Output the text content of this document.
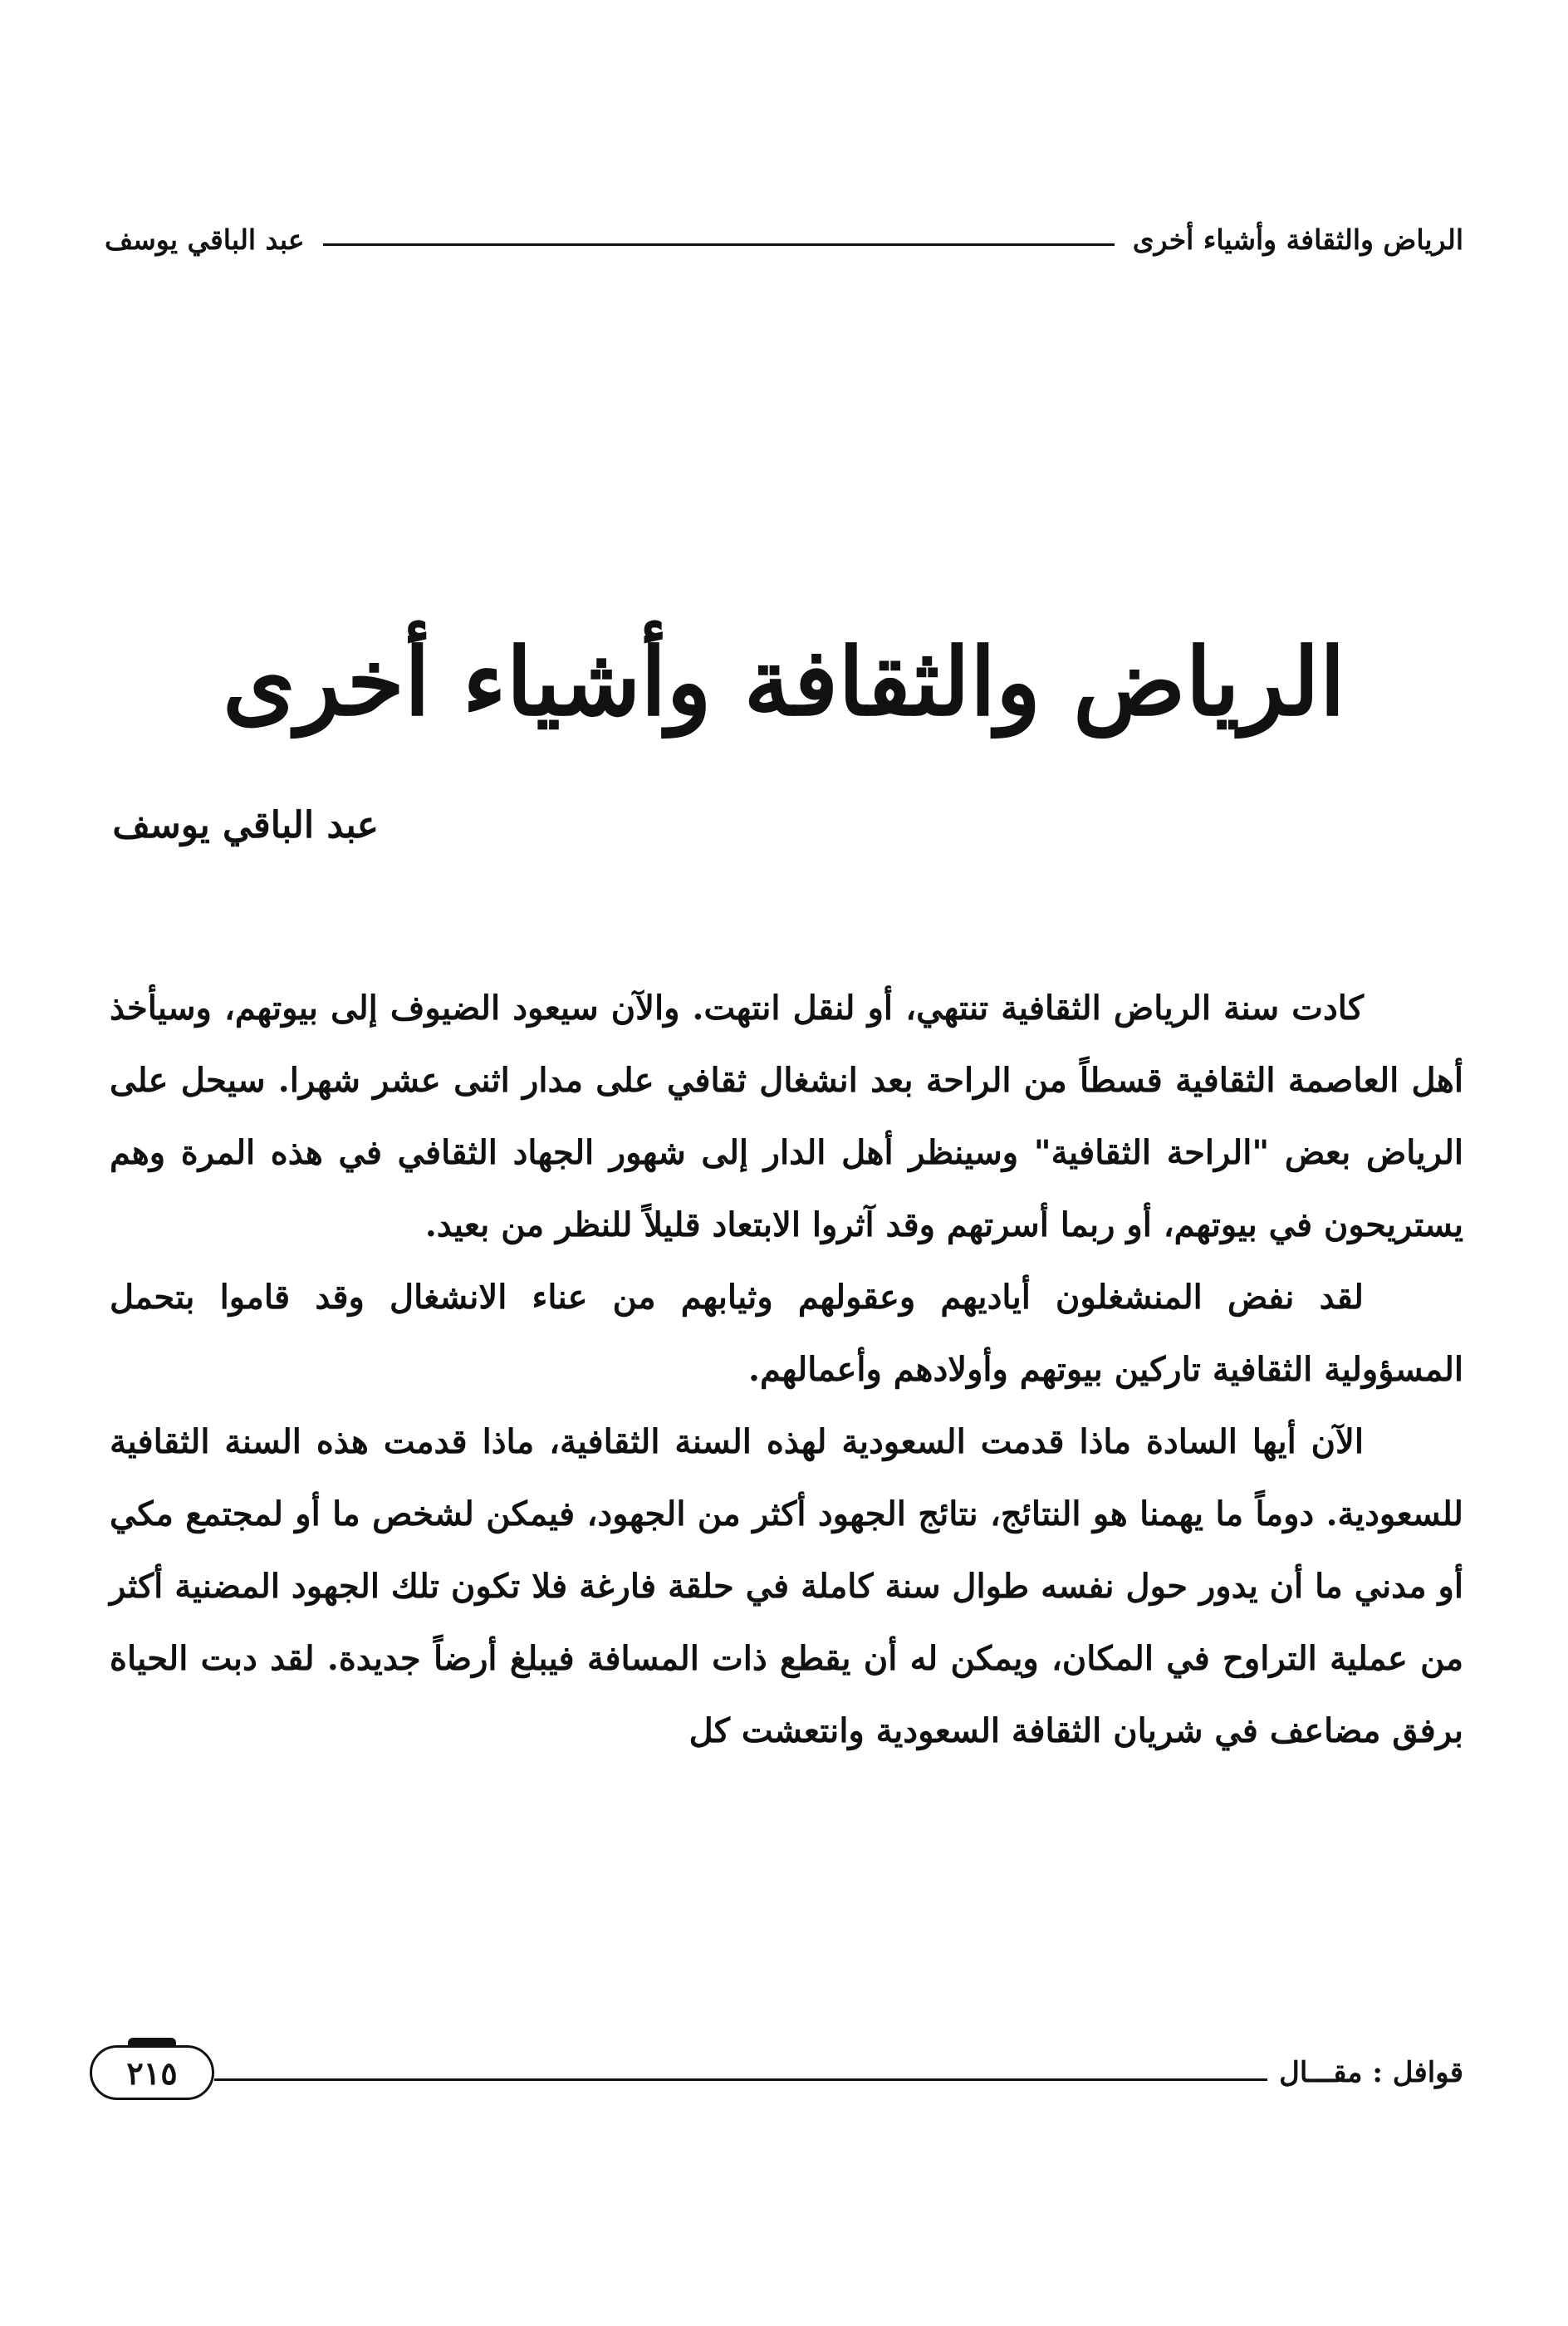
الرياض والثقافة وأشياء أخرى
عبد الباقي يوسف
الرياض والثقافة وأشياء أخرى
عبد الباقي يوسف

كادت سنة الرياض الثقافية تنتهي، أو لنقل انتهت. والآن سيعود الضيوف إلى بيوتهم، وسيأخذ أهل العاصمة الثقافية قسطاً من الراحة بعد انشغال ثقافي على مدار اثنى عشر شهرا. سيحل على الرياض بعض "الراحة الثقافية" وسينظر أهل الدار إلى شهور الجهاد الثقافي في هذه المرة وهم يستريحون في بيوتهم، أو ربما أسرتهم وقد آثروا الابتعاد قليلاً للنظر من بعيد.

لقد نفض المنشغلون أياديهم وعقولهم وثيابهم من عناء الانشغال وقد قاموا بتحمل المسؤولية الثقافية تاركين بيوتهم وأولادهم وأعمالهم.

الآن أيها السادة ماذا قدمت السعودية لهذه السنة الثقافية، ماذا قدمت هذه السنة الثقافية للسعودية. دوماً ما يهمنا هو النتائج، نتائج الجهود أكثر من الجهود، فيمكن لشخص ما أو لمجتمع مكي أو مدني ما أن يدور حول نفسه طوال سنة كاملة في حلقة فارغة فلا تكون تلك الجهود المضنية أكثر من عملية التراوح في المكان، ويمكن له أن يقطع ذات المسافة فيبلغ أرضاً جديدة. لقد دبت الحياة برفق مضاعف في شريان الثقافة السعودية وانتعشت كل

قوافل : مقـــال
٢١٥
